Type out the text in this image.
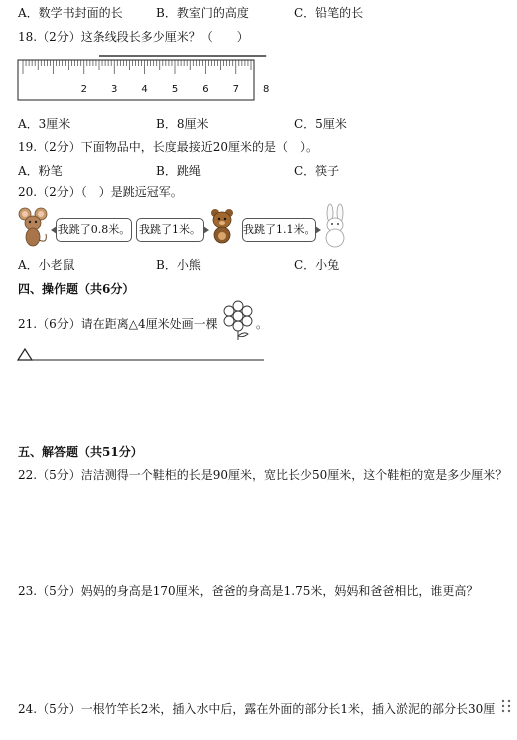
A．数学书封面的长	B．教室门的高度	C．铅笔的长
18.（2分）这条线段长多少厘米？（　　）
2 3 4 5 6 7 8
A．3厘米	B．8厘米	C．5厘米
19.（2分）下面物品中，长度最接近20厘米的是（　）。
A．粉笔	B．跳绳	C．筷子
20.（2分）（　）是跳远冠军。
我跳了0.8米。 我跳了1米。	我跳了1.1米。
A．小老鼠	B．小熊	C．小兔
四、操作题（共6分）
21.（6分）请在距离△4厘米处画一棵	。
五、解答题（共51分）
22.（5分）洁洁测得一个鞋柜的长是90厘米，宽比长少50厘米，这个鞋柜的宽是多少厘米？
23.（5分）妈妈的身高是170厘米，爸爸的身高是1.75米，妈妈和爸爸相比，谁更高？
24.（5分）一根竹竿长2米，插入水中后，露在外面的部分长1米，插入淤泥的部分长30厘
